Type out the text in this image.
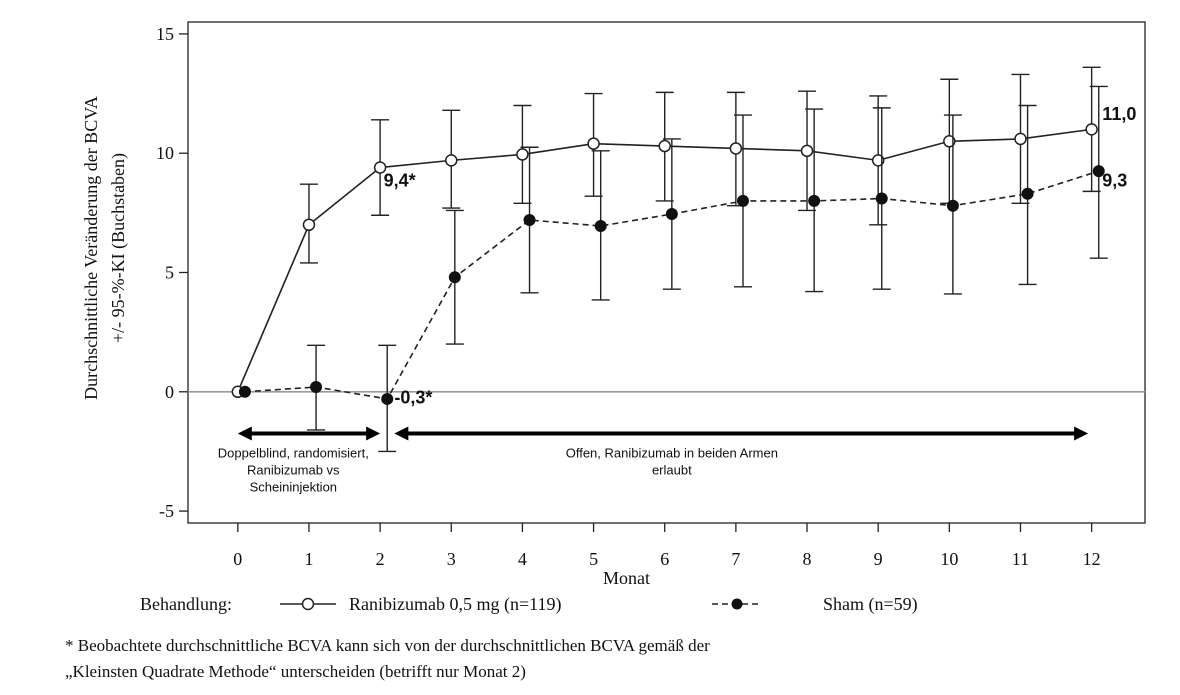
-5
0
5
10
15
0	1	2	3	4	5	6	7	8	9	10	11	12
Monat
Durchschnittliche Veränderung der BCVA +/- 95-%-KI (Buchstaben)	9,4*
-0,3*
11,0
9,3
Doppelblind, randomisiert,
Ranibizumab vs
Scheininjektion
Offen, Ranibizumab in beiden Armen
erlaubt
Behandlung:	Ranibizumab 0,5 mg (n=119)	Sham (n=59)
* Beobachtete durchschnittliche BCVA kann sich von der durchschnittlichen BCVA gemäß der
„Kleinsten Quadrate Methode“ unterscheiden (betrifft nur Monat 2)
